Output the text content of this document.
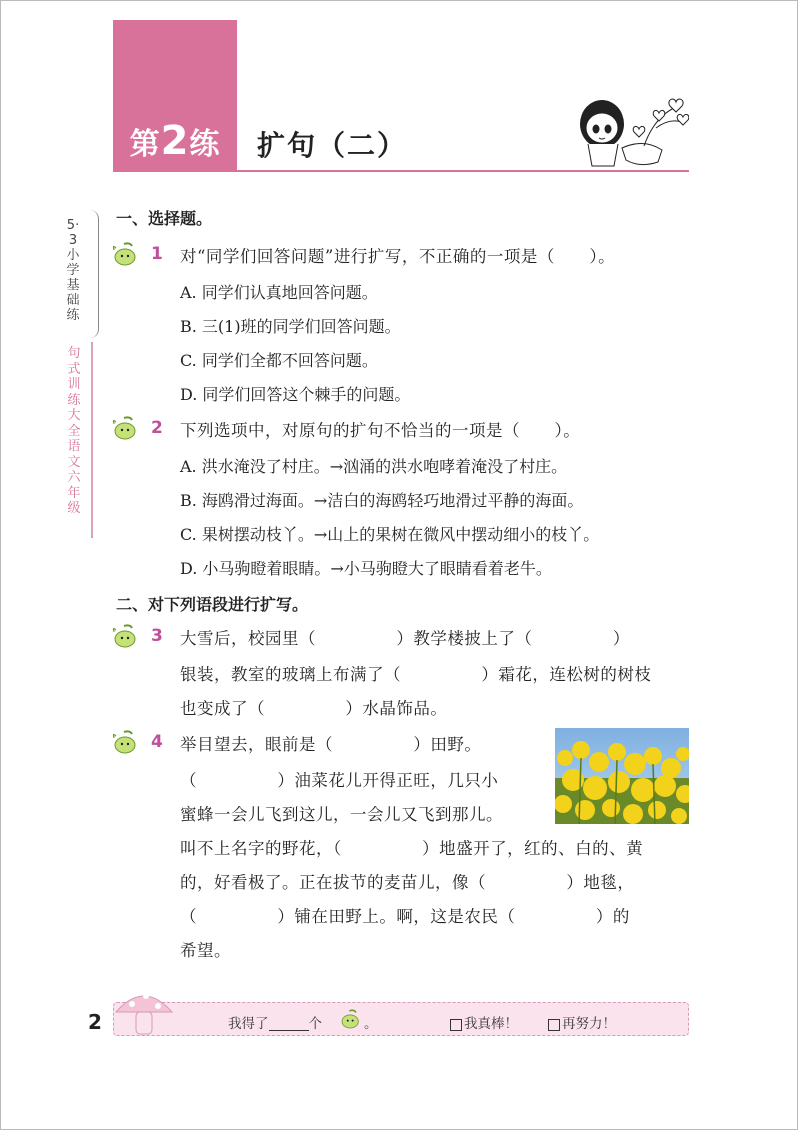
第2练	扩句（二）
5·3小学基础练
句式训练大全 语文 六年级
一、选择题。
1 对“同学们回答问题”进行扩写，不正确的一项是（      ）。
A. 同学们认真地回答问题。
B. 三(1)班的同学们回答问题。
C. 同学们全都不回答问题。
D. 同学们回答这个棘手的问题。
2 下列选项中，对原句的扩句不恰当的一项是（      ）。
A. 洪水淹没了村庄。→汹涌的洪水咆哮着淹没了村庄。
B. 海鸥滑过海面。→洁白的海鸥轻巧地滑过平静的海面。
C. 果树摆动枝丫。→山上的果树在微风中摆动细小的枝丫。
D. 小马驹瞪着眼睛。→小马驹瞪大了眼睛看着老牛。
二、对下列语段进行扩写。
3 大雪后，校园里（              ）教学楼披上了（              ）
银装，教室的玻璃上布满了（              ）霜花，连松树的树枝
也变成了（              ）水晶饰品。
4 举目望去，眼前是（              ）田野。
（              ）油菜花儿开得正旺，几只小
蜜蜂一会儿飞到这儿，一会儿又飞到那儿。
叫不上名字的野花，（              ）地盛开了，红的、白的、黄
的，好看极了。正在拔节的麦苗儿，像（              ）地毯，
（              ）铺在田野上。啊，这是农民（              ）的
希望。
2	我得了	个	。	我真棒！	再努力！
